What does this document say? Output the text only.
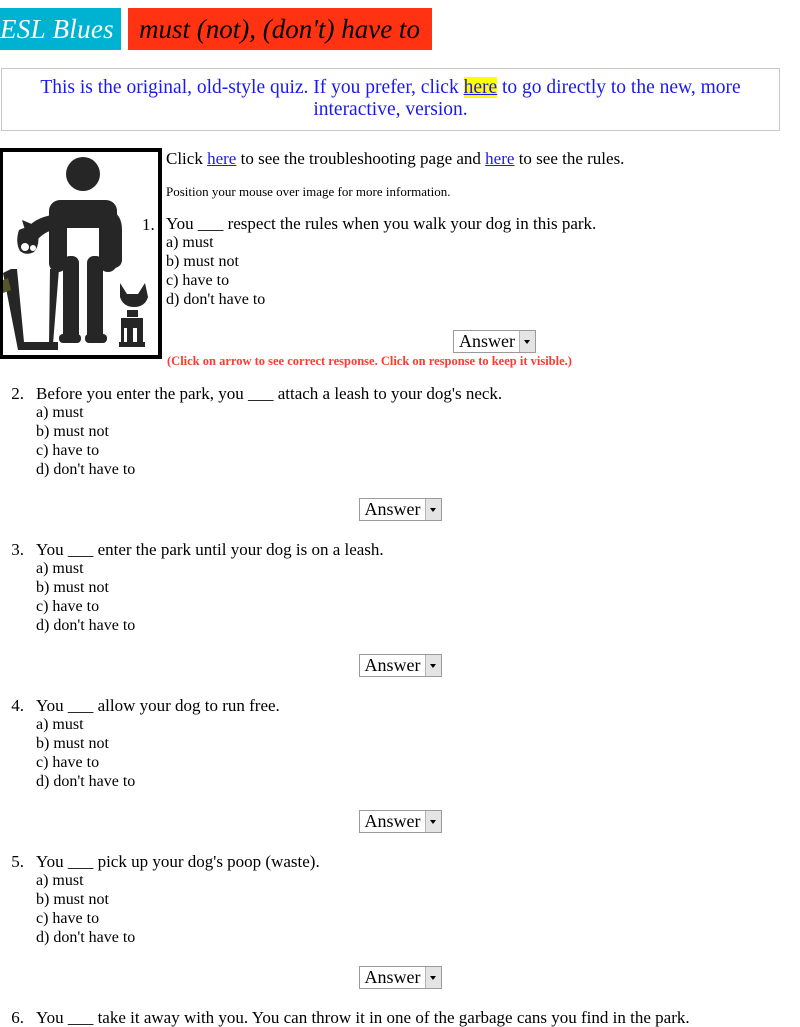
ESL Blues must (not), (don't) have to
This is the original, old-style quiz. If you prefer, click here to go directly to the new, more interactive, version.
Click here to see the troubleshooting page and here to see the rules.
Position your mouse over image for more information.
1. You ___ respect the rules when you walk your dog in this park.
a) must
b) must not
c) have to
d) don't have to
Answer
(Click on arrow to see correct response. Click on response to keep it visible.)
2. Before you enter the park, you ___ attach a leash to your dog's neck.
a) must
b) must not
c) have to
d) don't have to
Answer
3. You ___ enter the park until your dog is on a leash.
a) must
b) must not
c) have to
d) don't have to
Answer
4. You ___ allow your dog to run free.
a) must
b) must not
c) have to
d) don't have to
Answer
5. You ___ pick up your dog's poop (waste).
a) must
b) must not
c) have to
d) don't have to
Answer
6. You ___ take it away with you. You can throw it in one of the garbage cans you find in the park.
